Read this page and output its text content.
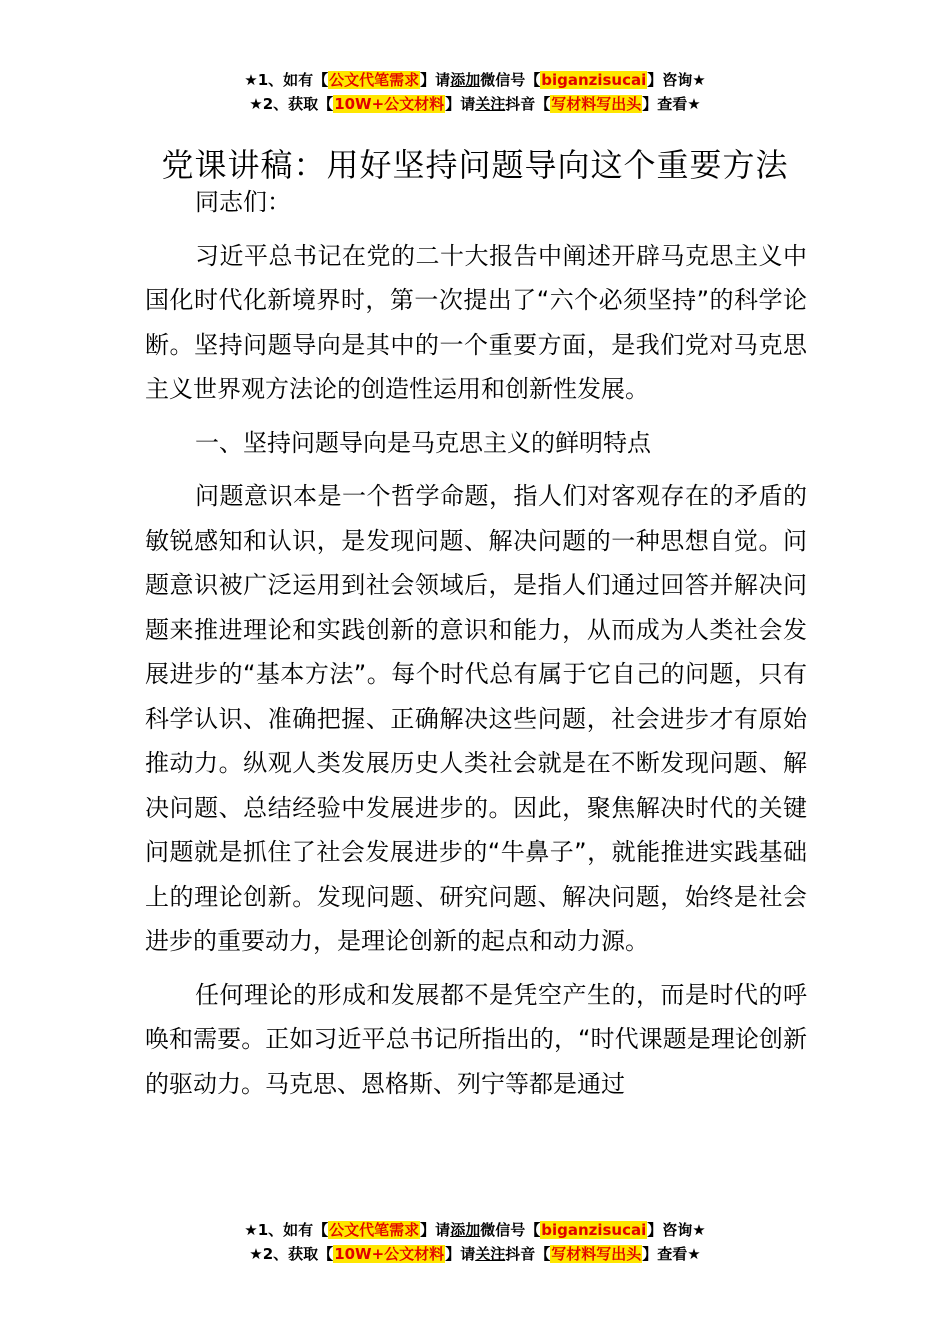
★1、如有【公文代笔需求】请添加微信号【biganzisucai】咨询★
★2、获取【10W+公文材料】请关注抖音【写材料写出头】查看★
党课讲稿：用好坚持问题导向这个重要方法

同志们：

习近平总书记在党的二十大报告中阐述开辟马克思主义中国化时代化新境界时，第一次提出了“六个必须坚持”的科学论断。坚持问题导向是其中的一个重要方面，是我们党对马克思主义世界观方法论的创造性运用和创新性发展。

一、坚持问题导向是马克思主义的鲜明特点

问题意识本是一个哲学命题，指人们对客观存在的矛盾的敏锐感知和认识，是发现问题、解决问题的一种思想自觉。问题意识被广泛运用到社会领域后，是指人们通过回答并解决问题来推进理论和实践创新的意识和能力，从而成为人类社会发展进步的“基本方法”。每个时代总有属于它自己的问题，只有科学认识、准确把握、正确解决这些问题，社会进步才有原始推动力。纵观人类发展历史人类社会就是在不断发现问题、解决问题、总结经验中发展进步的。因此，聚焦解决时代的关键问题就是抓住了社会发展进步的“牛鼻子”，就能推进实践基础上的理论创新。发现问题、研究问题、解决问题，始终是社会进步的重要动力，是理论创新的起点和动力源。

任何理论的形成和发展都不是凭空产生的，而是时代的呼唤和需要。正如习近平总书记所指出的，“时代课题是理论创新的驱动力。马克思、恩格斯、列宁等都是通过

★1、如有【公文代笔需求】请添加微信号【biganzisucai】咨询★
★2、获取【10W+公文材料】请关注抖音【写材料写出头】查看★
